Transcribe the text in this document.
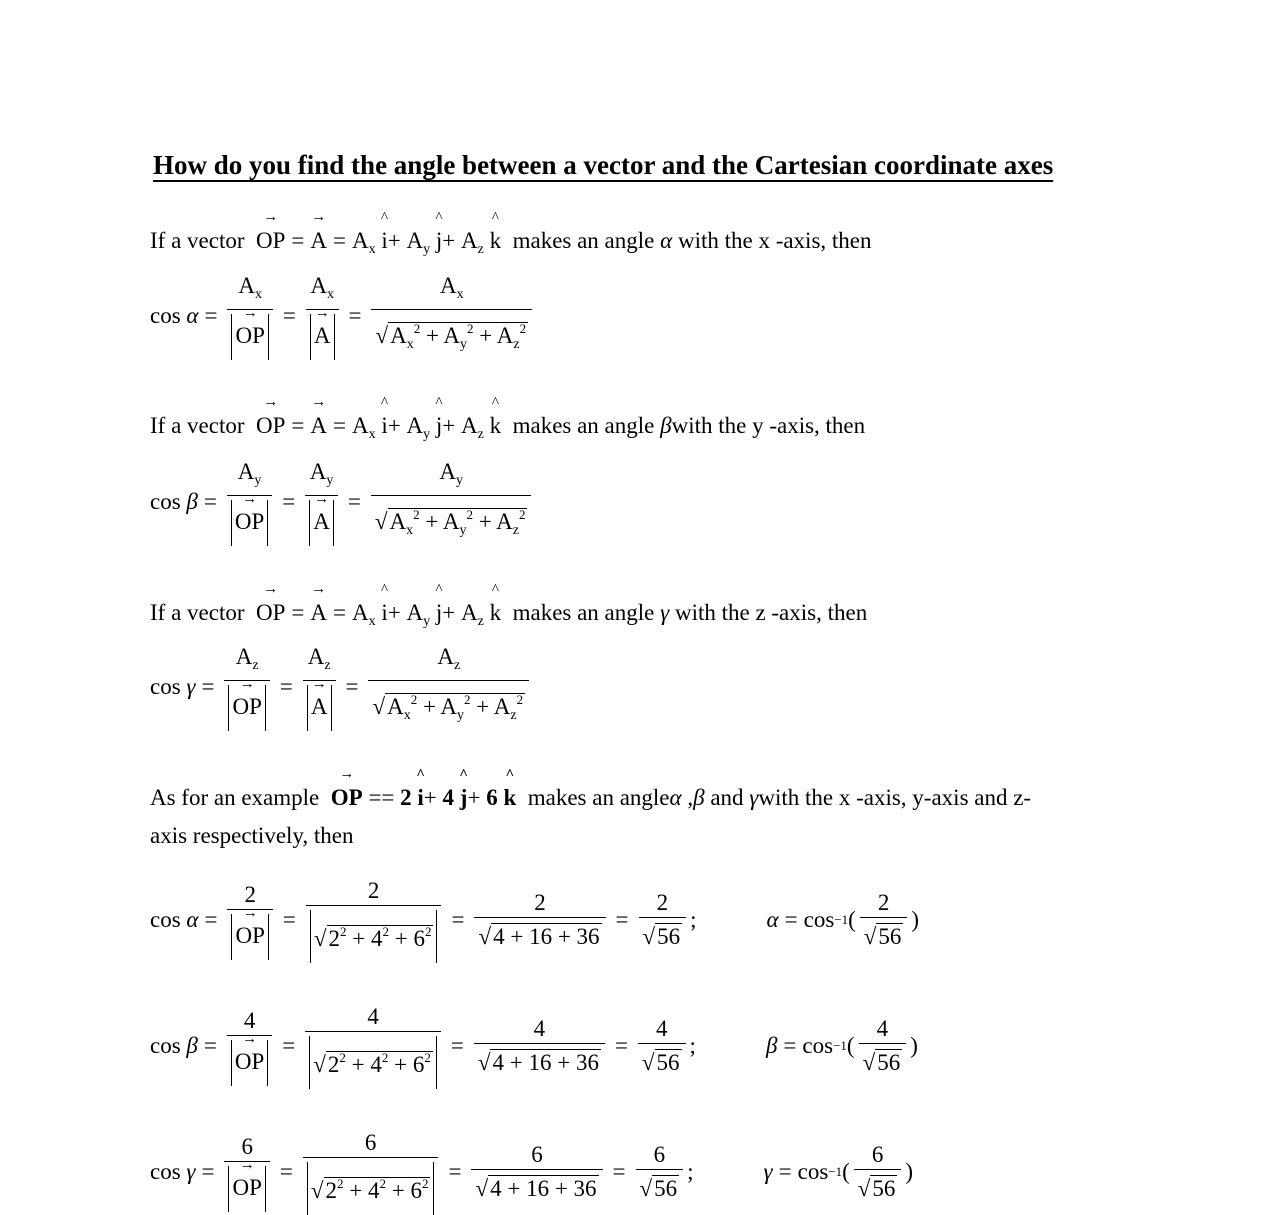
How do you find the angle between a vector and the Cartesian coordinate axes
If a vector → OP = → $A = A_x$ ^ $i+ A_y$ ^ $j+ A_z$ ^ k makes an angle α with the x -axis, then
cos
$\alpha = A_x$
→ OP = $A_x$
→ $A = \frac{A_x}{√A_x^2 + A_y^2 + A_z^2}$
If a vector → OP = → $A = A_x$ ^ $i+ A_y$ ^ $j+ A_z$ ^ k makes an angle βwith the y -axis, then
cos
$\beta = A_y$
→ OP = $A_y$
→ $A = \frac{A_y}{√A_x^2 + A_y^2 + A_z^2}$
If a vector → OP = → $A = A_x$ ^ $i+ A_y$ ^ $j+ A_z$ ^ k makes an angle γ with the z -axis, then
cos
$\gamma = A_z$
→ OP = $A_z$
→ $A = \frac{A_z}{√A_x^2 + A_y^2 + A_z^2}$
As for an example → OP == 2 ^ i+ 4 ^ j+ 6 ^ k makes an angleα ,β and γwith the x -axis, y-axis and z-
axis respectively, then
cos
α = 2
→ OP = $\frac{2}{√2^2 + 4^2 + 6^2} = \frac{2}{√4 + 16 + 36} = \frac{2}{√56}$ ;	α = cos −1 ( $\frac{2}{√56}$ )
cos
β = 4
→ OP = $\frac{4}{√2^2 + 4^2 + 6^2} = \frac{4}{√4 + 16 + 36} = \frac{4}{√56}$ ;	β = cos −1 ( $\frac{4}{√56}$ )
cos
γ = 6
→ OP = $\frac{6}{√2^2 + 4^2 + 6^2} = \frac{6}{√4 + 16 + 36} = \frac{6}{√56}$ ;	γ = cos −1 ( $\frac{6}{√56}$ )
